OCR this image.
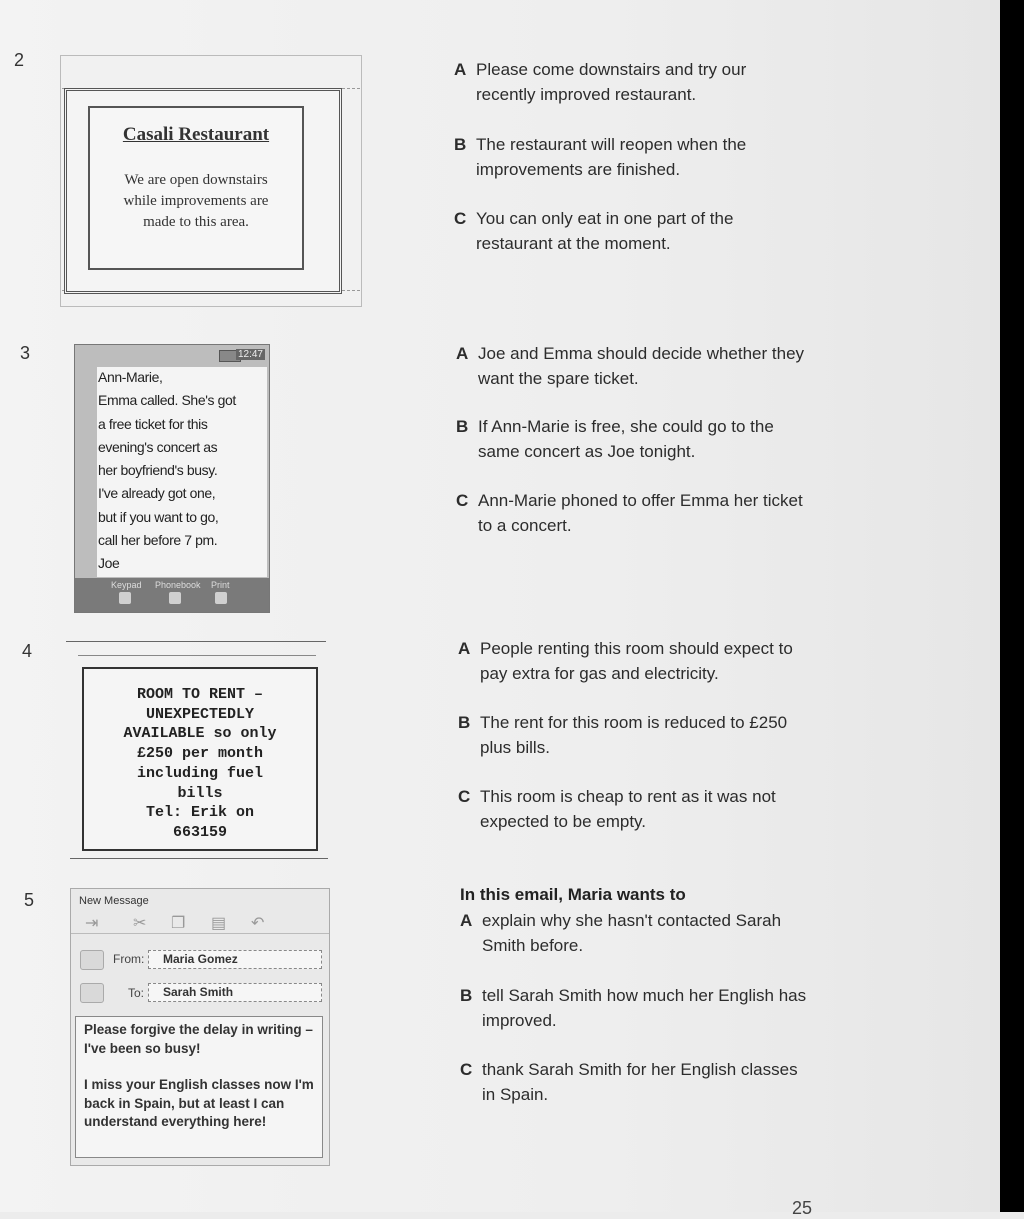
2
Casali Restaurant
We are open downstairs
while improvements are
made to this area.
A Please come downstairs and try our recently improved restaurant.
B The restaurant will reopen when the improvements are finished.
C You can only eat in one part of the restaurant at the moment.
3	12:47
Keypad Phonebook Print
Ann-Marie,
Emma called. She's got
a free ticket for this
evening's concert as
her boyfriend's busy.
I've already got one,
but if you want to go,
call her before 7 pm.
Joe
A Joe and Emma should decide whether they want the spare ticket.
B If Ann-Marie is free, she could go to the same concert as Joe tonight.
C Ann-Marie phoned to offer Emma her ticket to a concert.
4
ROOM TO RENT –
UNEXPECTEDLY
AVAILABLE so only
£250 per month
including fuel
bills
Tel: Erik on
663159
A People renting this room should expect to pay extra for gas and electricity.
B The rent for this room is reduced to £250 plus bills.
C This room is cheap to rent as it was not expected to be empty.
5	New Message
⇥ ✂ ❐ ▤ ↶
From:	Maria Gomez
To:	Sarah Smith
Please forgive the delay in writing – I've been so busy!
I miss your English classes now I'm back in Spain, but at least I can understand everything here!
In this email, Maria wants to
A explain why she hasn't contacted Sarah Smith before.
B tell Sarah Smith how much her English has improved.
C thank Sarah Smith for her English classes in Spain.
25
